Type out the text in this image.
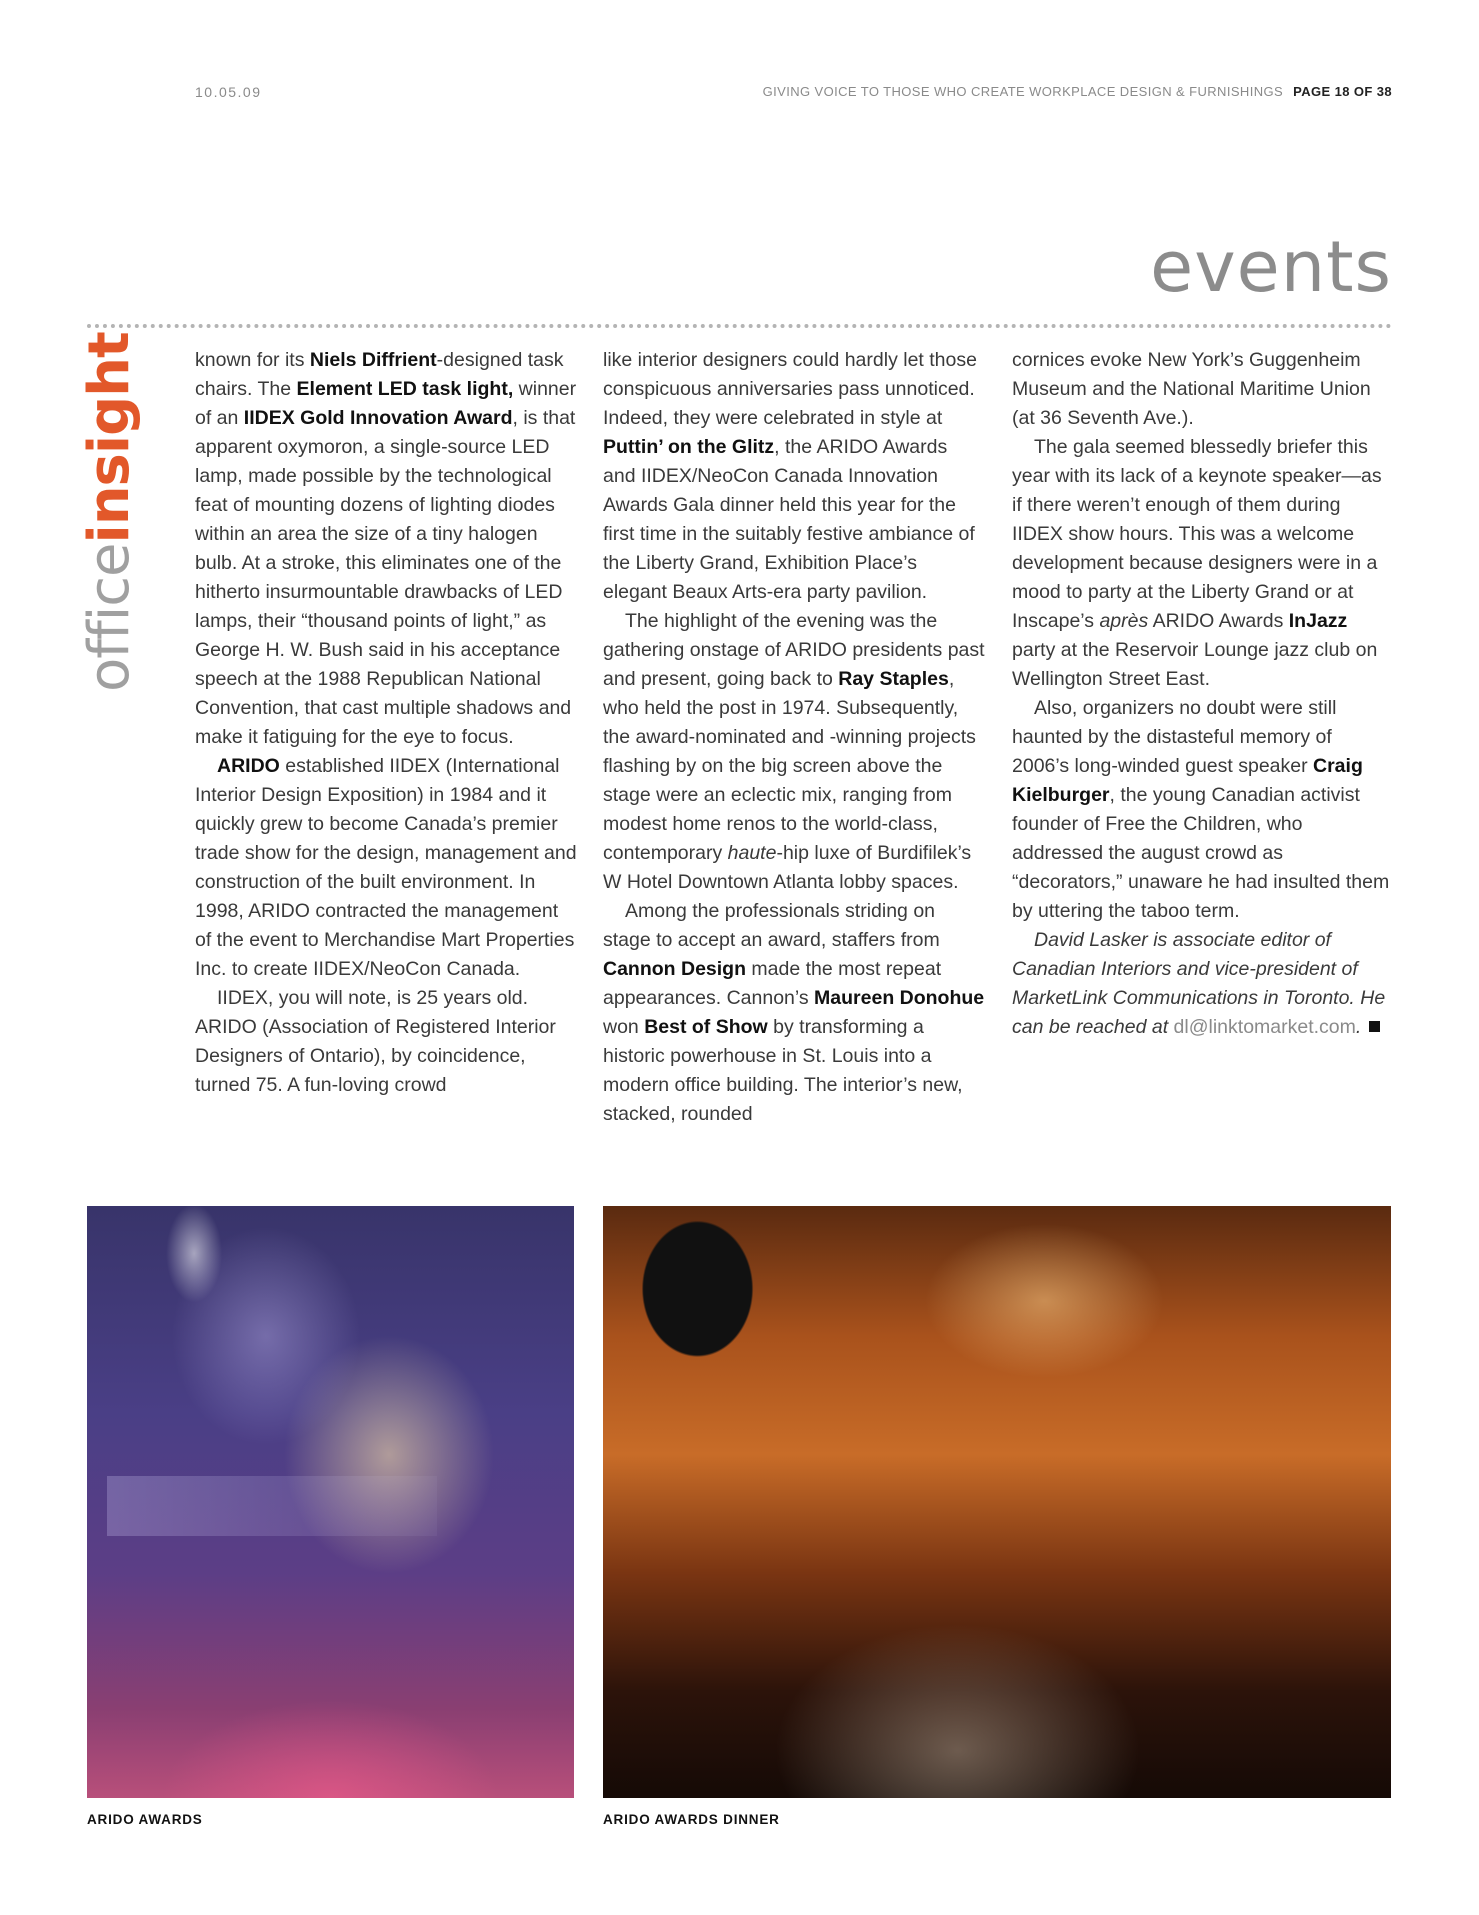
10.05.09	GIVING VOICE TO THOSE WHO CREATE WORKPLACE DESIGN & FURNISHINGS PAGE 18 OF 38
events
officeinsight	known for its Niels Diffrient-designed task chairs. The Element LED task light, winner of an IIDEX Gold Innovation Award, is that apparent oxymoron, a single-source LED lamp, made possible by the technological feat of mounting dozens of lighting diodes within an area the size of a tiny halogen bulb. At a stroke, this eliminates one of the hitherto insurmountable drawbacks of LED lamps, their “thousand points of light,” as George H. W. Bush said in his acceptance speech at the 1988 Republican National Convention, that cast multiple shadows and make it fatiguing for the eye to focus.

ARIDO established IIDEX (International Interior Design Exposition) in 1984 and it quickly grew to become Canada’s premier trade show for the design, management and construction of the built environment. In 1998, ARIDO contracted the management of the event to Merchandise Mart Properties Inc. to create IIDEX/NeoCon Canada.

IIDEX, you will note, is 25 years old. ARIDO (Association of Registered Interior Designers of Ontario), by coincidence, turned 75. A fun-loving crowd

like interior designers could hardly let those conspicuous anniversaries pass unnoticed. Indeed, they were celebrated in style at Puttin’ on the Glitz, the ARIDO Awards and IIDEX/NeoCon Canada Innovation Awards Gala dinner held this year for the first time in the suitably festive ambiance of the Liberty Grand, Exhibition Place’s elegant Beaux Arts-era party pavilion.

The highlight of the evening was the gathering onstage of ARIDO presidents past and present, going back to Ray Staples, who held the post in 1974. Subsequently, the award-nominated and -winning projects flashing by on the big screen above the stage were an eclectic mix, ranging from modest home renos to the world-class, contemporary haute-hip luxe of Burdifilek’s W Hotel Downtown Atlanta lobby spaces.

Among the professionals striding on stage to accept an award, staffers from Cannon Design made the most repeat appearances. Cannon’s Maureen Donohue won Best of Show by transforming a historic powerhouse in St. Louis into a modern office building. The interior’s new, stacked, rounded

cornices evoke New York’s Guggenheim Museum and the National Maritime Union (at 36 Seventh Ave.).

The gala seemed blessedly briefer this year with its lack of a keynote speaker—as if there weren’t enough of them during IIDEX show hours. This was a welcome development because designers were in a mood to party at the Liberty Grand or at Inscape’s après ARIDO Awards InJazz party at the Reservoir Lounge jazz club on Wellington Street East.

Also, organizers no doubt were still haunted by the distasteful memory of 2006’s long-winded guest speaker Craig Kielburger, the young Canadian activist founder of Free the Children, who addressed the august crowd as “decorators,” unaware he had insulted them by uttering the taboo term.

David Lasker is associate editor of Canadian Interiors and vice-president of MarketLink Communications in Toronto. He can be reached at dl@linktomarket.com.

ARIDO AWARDS	ARIDO AWARDS DINNER
